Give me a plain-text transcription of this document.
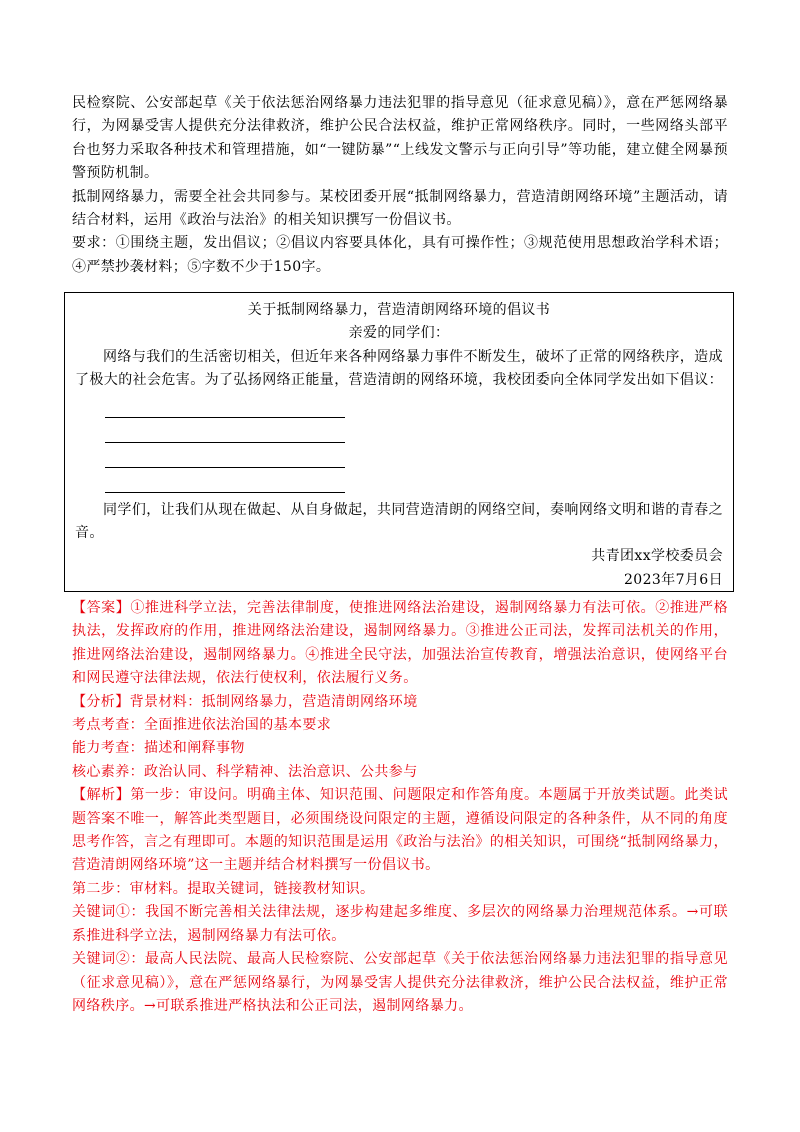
民检察院、公安部起草《关于依法惩治网络暴力违法犯罪的指导意见（征求意见稿）》，意在严惩网络暴行，为网暴受害人提供充分法律救济，维护公民合法权益，维护正常网络秩序。同时，一些网络头部平台也努力采取各种技术和管理措施，如“一键防暴”“上线发文警示与正向引导”等功能，建立健全网暴预警预防机制。

抵制网络暴力，需要全社会共同参与。某校团委开展“抵制网络暴力，营造清朗网络环境”主题活动，请结合材料，运用《政治与法治》的相关知识撰写一份倡议书。

要求：①围绕主题，发出倡议；②倡议内容要具体化，具有可操作性；③规范使用思想政治学科术语；④严禁抄袭材料；⑤字数不少于150字。

关于抵制网络暴力，营造清朗网络环境的倡议书

亲爱的同学们：

网络与我们的生活密切相关，但近年来各种网络暴力事件不断发生，破坏了正常的网络秩序，造成了极大的社会危害。为了弘扬网络正能量，营造清朗的网络环境，我校团委向全体同学发出如下倡议：

同学们，让我们从现在做起、从自身做起，共同营造清朗的网络空间，奏响网络文明和谐的青春之音。

共青团xx学校委员会

2023年7月6日

【答案】①推进科学立法，完善法律制度，使推进网络法治建设，遏制网络暴力有法可依。②推进严格执法，发挥政府的作用，推进网络法治建设，遏制网络暴力。③推进公正司法，发挥司法机关的作用，推进网络法治建设，遏制网络暴力。④推进全民守法，加强法治宣传教育，增强法治意识，使网络平台和网民遵守法律法规，依法行使权利，依法履行义务。

【分析】背景材料：抵制网络暴力，营造清朗网络环境

考点考查：全面推进依法治国的基本要求

能力考查：描述和阐释事物

核心素养：政治认同、科学精神、法治意识、公共参与

【解析】第一步：审设问。明确主体、知识范围、问题限定和作答角度。本题属于开放类试题。此类试题答案不唯一，解答此类型题目，必须围绕设问限定的主题，遵循设问限定的各种条件，从不同的角度思考作答，言之有理即可。本题的知识范围是运用《政治与法治》的相关知识，可围绕“抵制网络暴力，营造清朗网络环境”这一主题并结合材料撰写一份倡议书。

第二步：审材料。提取关键词，链接教材知识。

关键词①：我国不断完善相关法律法规，逐步构建起多维度、多层次的网络暴力治理规范体系。→可联系推进科学立法，遏制网络暴力有法可依。

关键词②：最高人民法院、最高人民检察院、公安部起草《关于依法惩治网络暴力违法犯罪的指导意见（征求意见稿）》，意在严惩网络暴行，为网暴受害人提供充分法律救济，维护公民合法权益，维护正常网络秩序。→可联系推进严格执法和公正司法，遏制网络暴力。
